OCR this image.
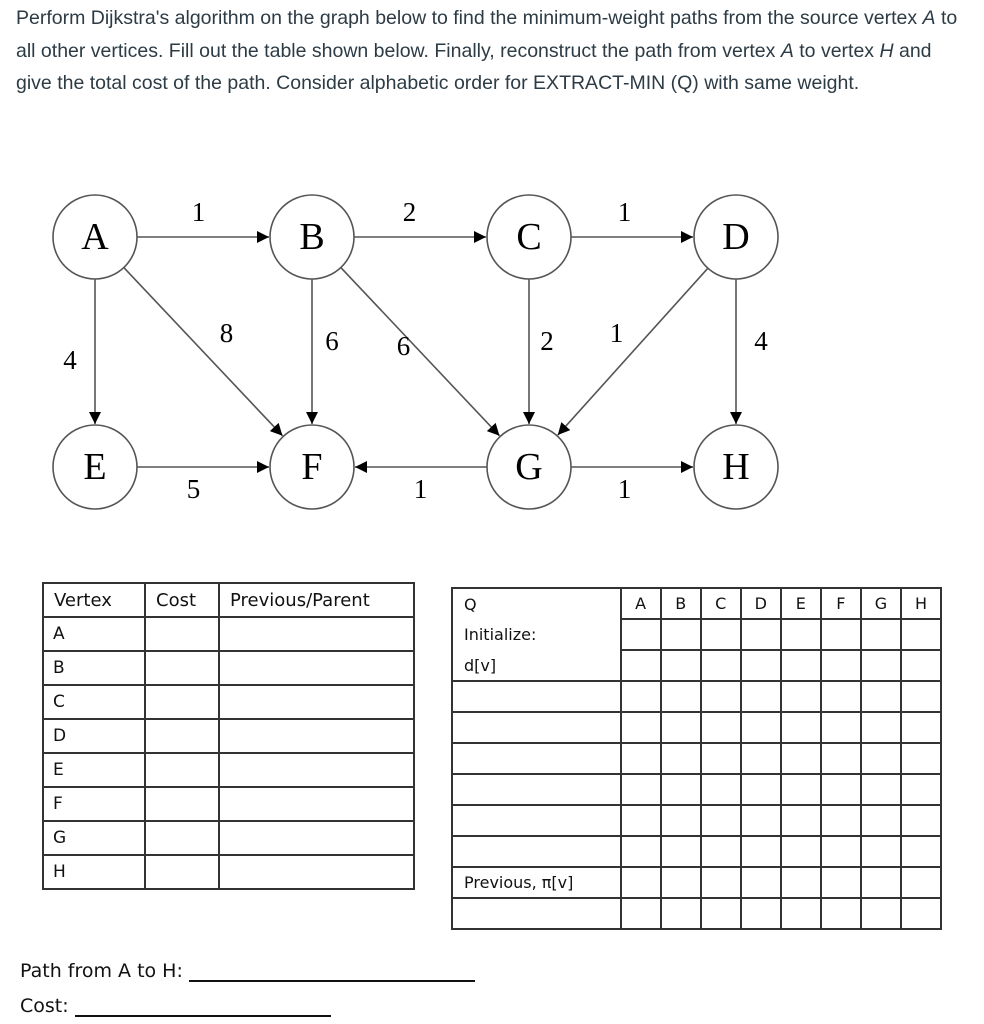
Perform Dijkstra's algorithm on the graph below to find the minimum-weight paths from the source vertex A to all other vertices. Fill out the table shown below. Finally, reconstruct the path from vertex A to vertex H and give the total cost of the path. Consider alphabetic order for EXTRACT-MIN (Q) with same weight.
A	B	C	D
E	F	G	H
1	2	1
4
8	6 6	2 1	4
5	1	1
Vertex	Cost	Previous/Parent
A		
B		
C		
D		
E		
F		
G		
H		
Q	A	B	C	D	E	F	G	H
Initialize:								
d[v]								

Previous, π[v]								

Path from A to H:
Cost:
